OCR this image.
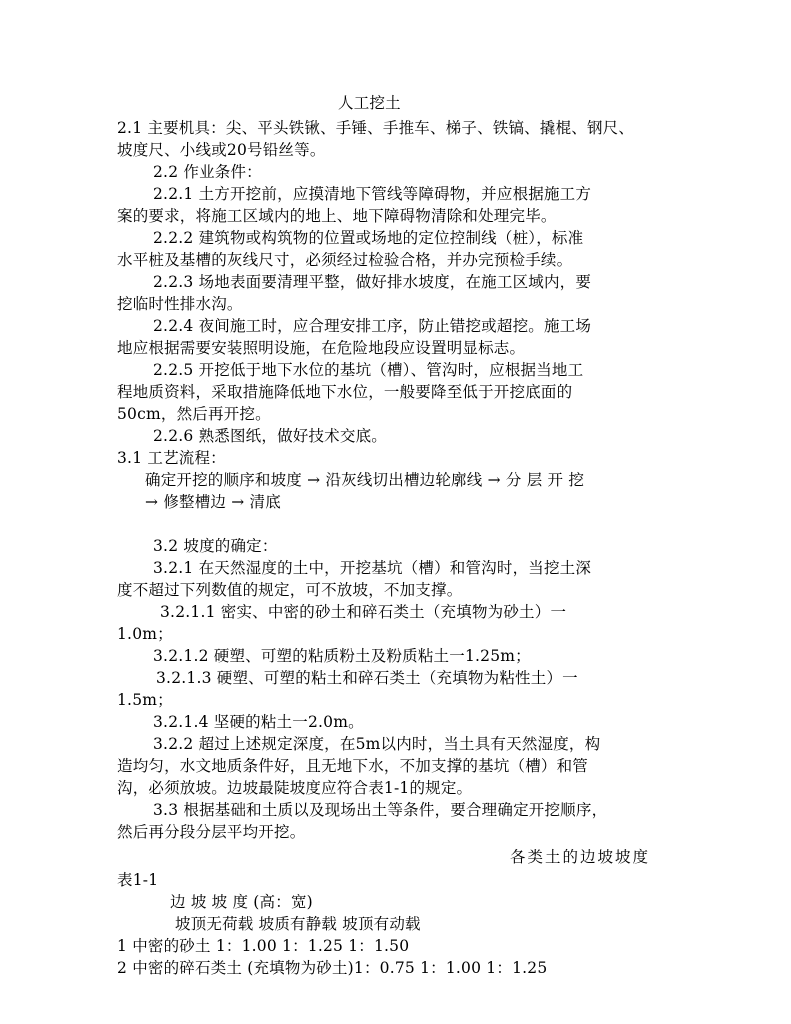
人工挖土
2.1 主要机具：尖、平头铁锹、手锤、手推车、梯子、铁镐、撬棍、钢尺、
坡度尺、小线或20号铅丝等。
2.2 作业条件：
2.2.1 土方开挖前，应摸清地下管线等障碍物，并应根据施工方
案的要求，将施工区域内的地上、地下障碍物清除和处理完毕。
2.2.2 建筑物或构筑物的位置或场地的定位控制线（桩），标准
水平桩及基槽的灰线尺寸，必须经过检验合格，并办完预检手续。
2.2.3 场地表面要清理平整，做好排水坡度，在施工区域内，要
挖临时性排水沟。
2.2.4 夜间施工时，应合理安排工序，防止错挖或超挖。施工场
地应根据需要安装照明设施，在危险地段应设置明显标志。
2.2.5 开挖低于地下水位的基坑（槽）、管沟时，应根据当地工
程地质资料，采取措施降低地下水位，一般要降至低于开挖底面的
50cm，然后再开挖。
2.2.6 熟悉图纸，做好技术交底。
3.1 工艺流程：
确定开挖的顺序和坡度 → 沿灰线切出槽边轮廓线 → 分 层 开 挖
→ 修整槽边 → 清底
3.2 坡度的确定：
3.2.1 在天然湿度的土中，开挖基坑（槽）和管沟时，当挖土深
度不超过下列数值的规定，可不放坡，不加支撑。
3.2.1.1 密实、中密的砂土和碎石类土（充填物为砂土）一
1.0m；
3.2.1.2 硬塑、可塑的粘质粉土及粉质粘土一1.25m；
3.2.1.3 硬塑、可塑的粘土和碎石类土（充填物为粘性土）一
1.5m；
3.2.1.4 坚硬的粘土一2.0m。
3.2.2 超过上述规定深度，在5m以内时，当土具有天然湿度，构
造均匀，水文地质条件好，且无地下水，不加支撑的基坑（槽）和管
沟，必须放坡。边坡最陡坡度应符合表1-1的规定。
3.3 根据基础和土质以及现场出土等条件，要合理确定开挖顺序，
然后再分段分层平均开挖。
各类土的边坡坡度
表1-1
边 坡 坡 度 (高：宽)
坡顶无荷载 坡质有静载 坡顶有动载
1 中密的砂土 1：1.00 1：1.25 1：1.50
2 中密的碎石类土 (充填物为砂土)1：0.75 1：1.00 1：1.25
